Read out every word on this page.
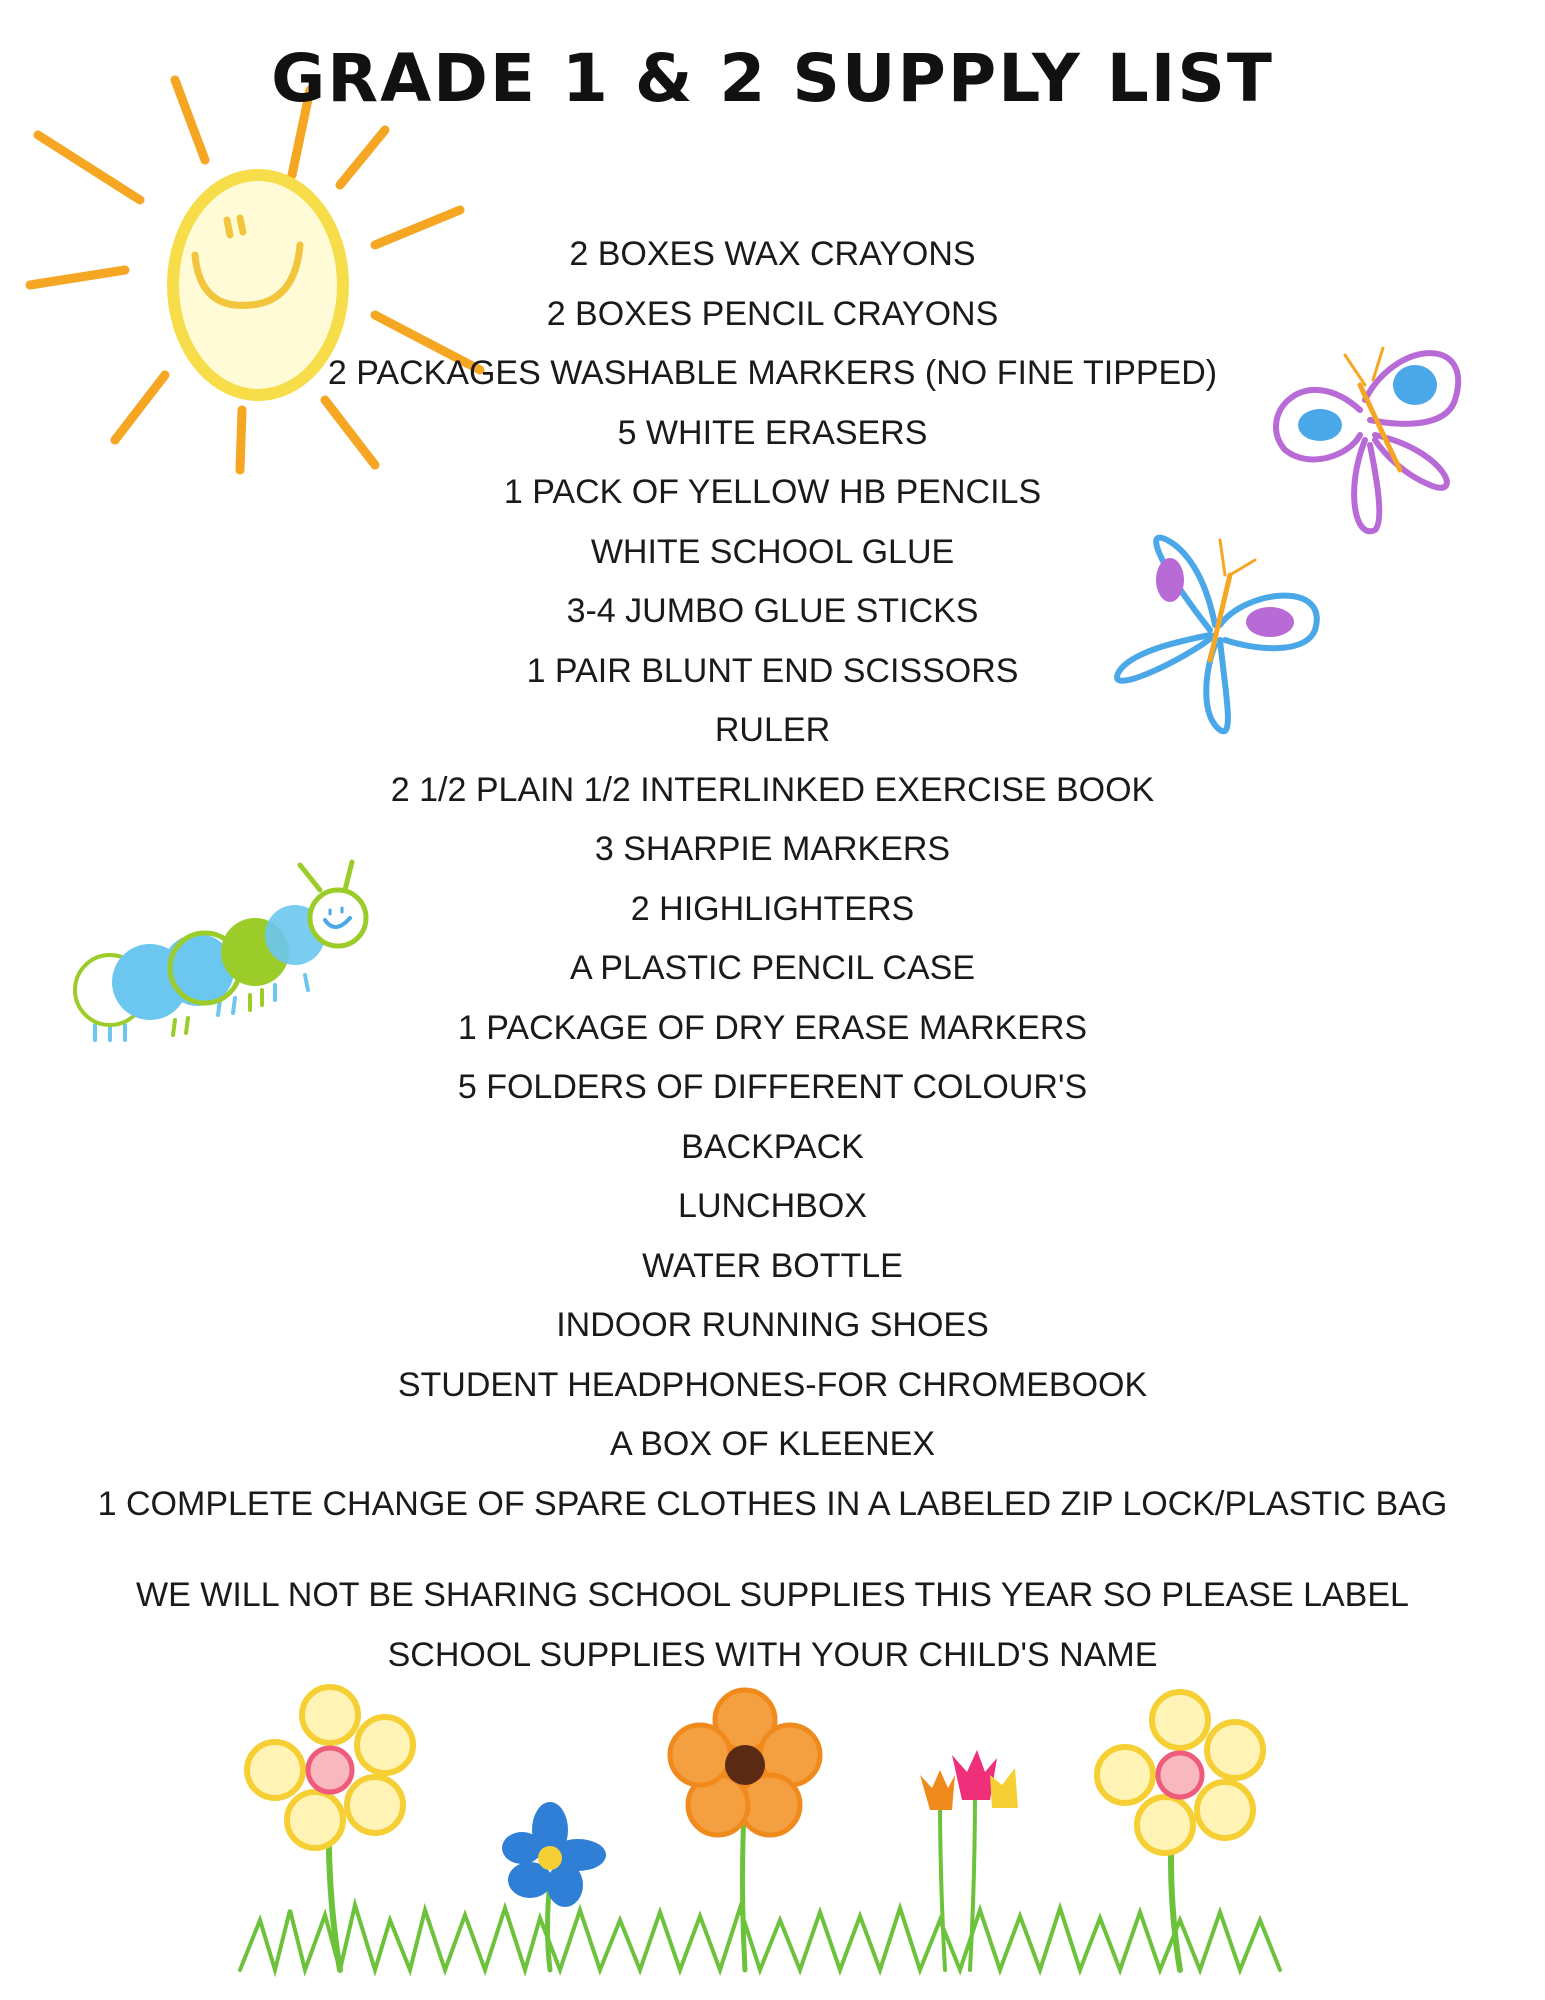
GRADE 1 & 2 SUPPLY LIST
2 BOXES WAX CRAYONS
2 BOXES PENCIL CRAYONS
2 PACKAGES WASHABLE MARKERS (NO FINE TIPPED)
5 WHITE ERASERS
1 PACK OF YELLOW HB PENCILS
WHITE SCHOOL GLUE
3-4 JUMBO GLUE STICKS
1 PAIR BLUNT END SCISSORS
RULER
2 1/2 PLAIN 1/2 INTERLINKED EXERCISE BOOK
3 SHARPIE MARKERS
2 HIGHLIGHTERS
A PLASTIC PENCIL CASE
1 PACKAGE OF DRY ERASE MARKERS
5 FOLDERS OF DIFFERENT COLOUR'S
BACKPACK
LUNCHBOX
WATER BOTTLE
INDOOR RUNNING SHOES
STUDENT HEADPHONES-FOR CHROMEBOOK
A BOX OF KLEENEX
1 COMPLETE CHANGE OF SPARE CLOTHES IN A LABELED ZIP LOCK/PLASTIC BAG
WE WILL NOT BE SHARING SCHOOL SUPPLIES THIS YEAR SO PLEASE LABEL
SCHOOL SUPPLIES WITH YOUR CHILD'S NAME
